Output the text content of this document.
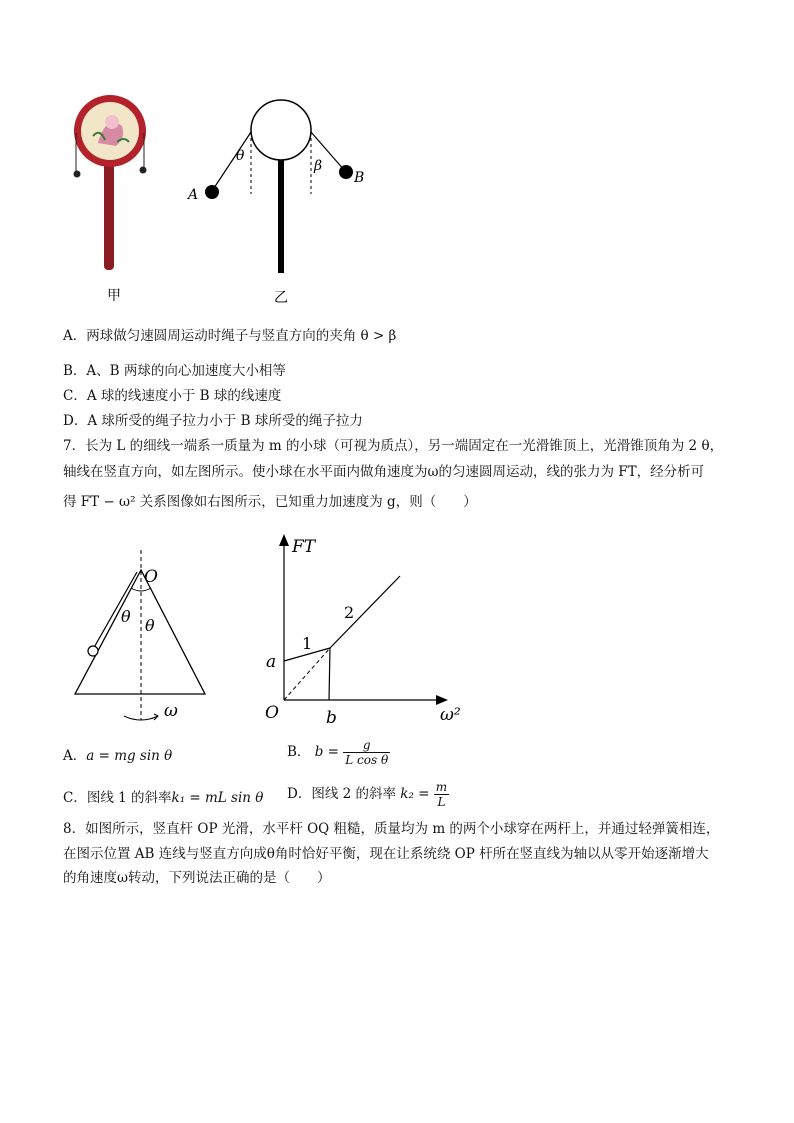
甲
A
B
θ
β
乙
A．两球做匀速圆周运动时绳子与竖直方向的夹角 θ > β
B．A、B 两球的向心加速度大小相等
C．A 球的线速度小于 B 球的线速度
D．A 球所受的绳子拉力小于 B 球所受的绳子拉力
7．长为 L 的细线一端系一质量为 m 的小球（可视为质点），另一端固定在一光滑锥顶上，光滑锥顶角为 2 θ，
轴线在竖直方向，如左图所示。使小球在水平面内做角速度为ω的匀速圆周运动，线的张力为 FT，经分析可
得 FT − ω² 关系图像如右图所示，已知重力加速度为 g，则（　　）
O
θ θ
ω
FT
ω²
O
a
b
1
2
A．a = mg sin θ	B． $b = \frac{g}{\text{L cos θ}}$
C．图线 1 的斜率k₁ = mL sin θ D．图线 2 的斜率 $k_2 = \frac{m}{L}$
8．如图所示，竖直杆 OP 光滑，水平杆 OQ 粗糙，质量均为 m 的两个小球穿在两杆上，并通过轻弹簧相连，
在图示位置 AB 连线与竖直方向成θ角时恰好平衡，现在让系统绕 OP 杆所在竖直线为轴以从零开始逐渐增大
的角速度ω转动，下列说法正确的是（　　）
